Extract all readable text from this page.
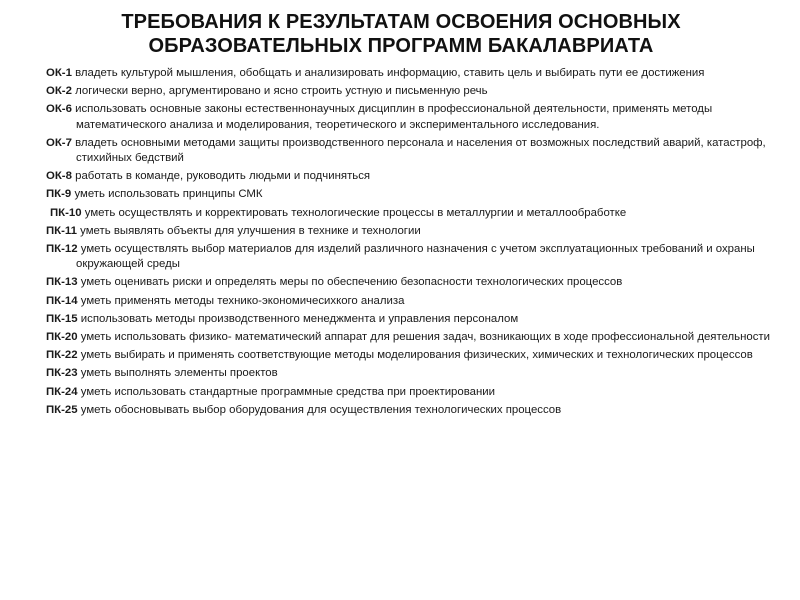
ТРЕБОВАНИЯ К РЕЗУЛЬТАТАМ ОСВОЕНИЯ ОСНОВНЫХ
ОБРАЗОВАТЕЛЬНЫХ ПРОГРАММ БАКАЛАВРИАТА
ОК-1 владеть культурой мышления, обобщать и анализировать информацию, ставить цель и выбирать пути ее достижения
ОК-2 логически верно, аргументировано и ясно строить устную и письменную речь
ОК-6 использовать основные законы естественнонаучных дисциплин в профессиональной деятельности, применять методы математического анализа и моделирования, теоретического и экспериментального исследования.
ОК-7 владеть основными методами защиты производственного персонала и населения от возможных последствий аварий, катастроф, стихийных бедствий
ОК-8 работать в команде, руководить людьми и подчиняться
ПК-9 уметь использовать принципы СМК
ПК-10 уметь осуществлять и корректировать технологические процессы в металлургии и металлообработке
ПК-11 уметь выявлять объекты для улучшения в технике и технологии
ПК-12 уметь осуществлять выбор материалов для изделий различного назначения с учетом эксплуатационных требований и охраны окружающей среды
ПК-13 уметь оценивать риски и определять меры по обеспечению безопасности технологических процессов
ПК-14 уметь применять методы технико-экономичесихкого анализа
ПК-15 использовать методы производственного менеджмента и управления персоналом
ПК-20 уметь использовать физико- математический аппарат для решения задач, возникающих в ходе профессиональной деятельности
ПК-22 уметь выбирать и применять соответствующие методы моделирования физических, химических и технологических процессов
ПК-23 уметь выполнять элементы проектов
ПК-24 уметь использовать стандартные программные средства при проектировании
ПК-25 уметь обосновывать выбор оборудования для осуществления технологических процессов
